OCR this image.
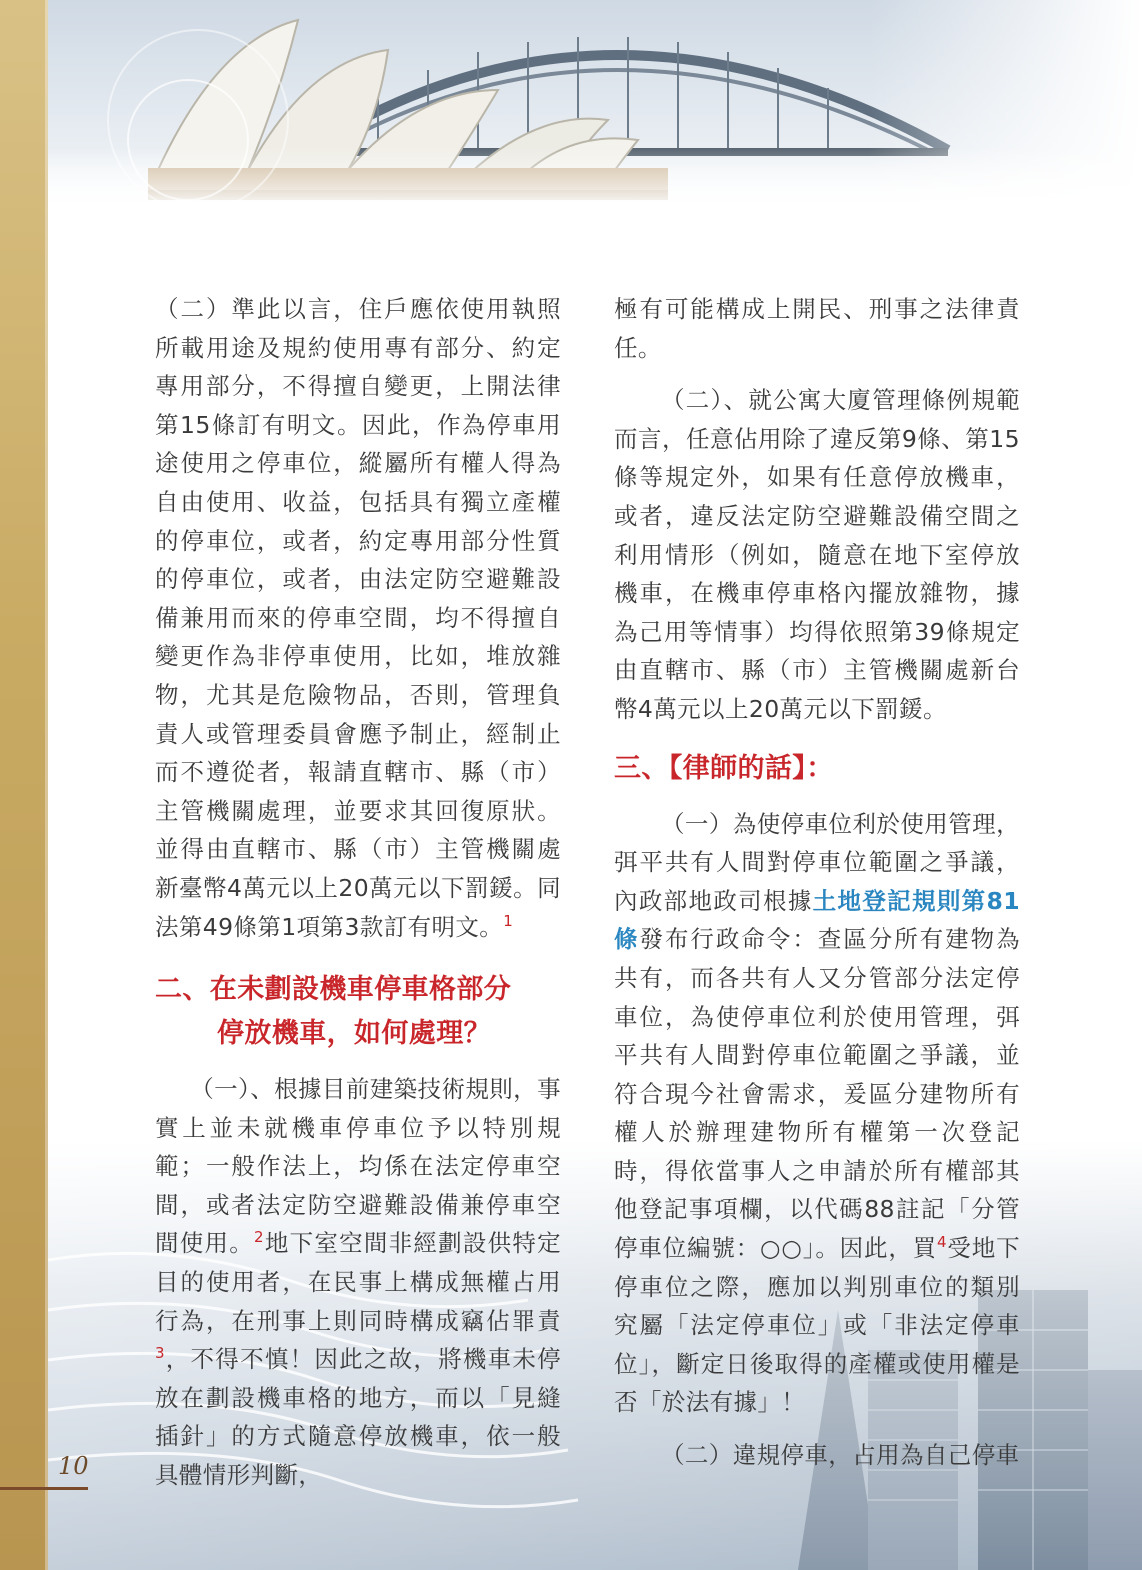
（二）準此以言，住戶應依使用執照所載用途及規約使用專有部分、約定專用部分，不得擅自變更，上開法律第15條訂有明文。因此，作為停車用途使用之停車位，縱屬所有權人得為自由使用、收益，包括具有獨立產權的停車位，或者，約定專用部分性質的停車位，或者，由法定防空避難設備兼用而來的停車空間，均不得擅自變更作為非停車使用，比如，堆放雜物，尤其是危險物品，否則，管理負責人或管理委員會應予制止，經制止而不遵從者，報請直轄市、縣（市）主管機關處理，並要求其回復原狀。並得由直轄市、縣（市）主管機關處新臺幣4萬元以上20萬元以下罰鍰。同法第49條第1項第3款訂有明文。$^1$

二、在未劃設機車停車格部分
停放機車，如何處理？

（一）、根據目前建築技術規則，事實上並未就機車停車位予以特別規範；一般作法上，均係在法定停車空間，或者法定防空避難設備兼停車空間使用。$^2$地下室空間非經劃設供特定目的使用者，在民事上構成無權占用行為，在刑事上則同時構成竊佔罪責$^3$，不得不慎！因此之故，將機車未停放在劃設機車格的地方，而以「見縫插針」的方式隨意停放機車，依一般具體情形判斷，

極有可能構成上開民、刑事之法律責任。

（二）、就公寓大廈管理條例規範而言，任意佔用除了違反第9條、第15條等規定外，如果有任意停放機車，或者，違反法定防空避難設備空間之利用情形（例如，隨意在地下室停放機車，在機車停車格內擺放雜物，據為己用等情事）均得依照第39條規定由直轄市、縣（市）主管機關處新台幣4萬元以上20萬元以下罰鍰。

三、【律師的話】：

（一）為使停車位利於使用管理，弭平共有人間對停車位範圍之爭議，內政部地政司根據土地登記規則第81條發布行政命令：查區分所有建物為共有，而各共有人又分管部分法定停車位，為使停車位利於使用管理，弭平共有人間對停車位範圍之爭議，並符合現今社會需求，爰區分建物所有權人於辦理建物所有權第一次登記時，得依當事人之申請於所有權部其他登記事項欄，以代碼88註記「分管停車位編號：○○」。因此，買$^4$受地下停車位之際，應加以判別車位的類別究屬「法定停車位」或「非法定停車位」，斷定日後取得的產權或使用權是否「於法有據」！

（二）違規停車，占用為自己停車

10
